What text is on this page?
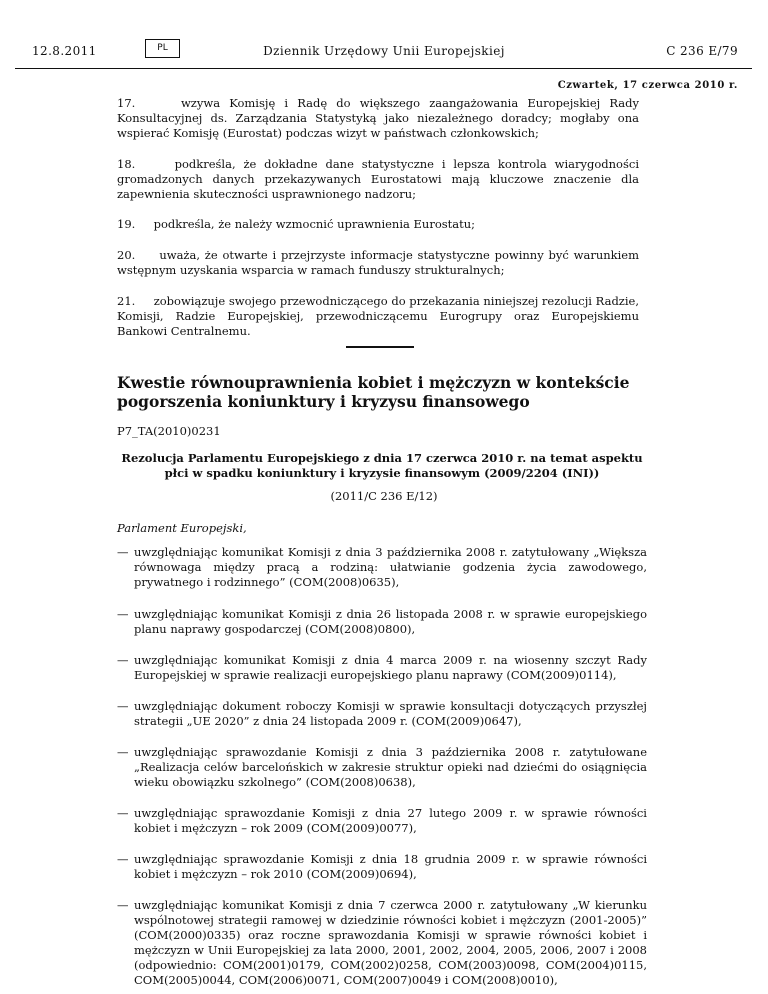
12.8.2011	PL	Dziennik Urzędowy Unii Europejskiej	C 236 E/79
Czwartek, 17 czerwca 2010 r.
17.	wzywa Komisję i Radę do większego zaangażowania Europejskiej Rady Konsultacyjnej ds. Zarządzania Statystyką jako niezależnego doradcy; mogłaby ona wspierać Komisję (Eurostat) podczas wizyt w państwach członkowskich;
18.	podkreśla, że dokładne dane statystyczne i lepsza kontrola wiarygodności gromadzonych danych przekazywanych Eurostatowi mają kluczowe znaczenie dla zapewnienia skuteczności usprawnionego nadzoru;
19. podkreśla, że należy wzmocnić uprawnienia Eurostatu;
20. uważa, że otwarte i przejrzyste informacje statystyczne powinny być warunkiem wstępnym uzyskania wsparcia w ramach funduszy strukturalnych;
21. zobowiązuje swojego przewodniczącego do przekazania niniejszej rezolucji Radzie, Komisji, Radzie Europejskiej, przewodniczącemu Eurogrupy oraz Europejskiemu Bankowi Centralnemu.
Kwestie równouprawnienia kobiet i mężczyzn w kontekście pogorszenia koniunktury i kryzysu finansowego
P7_TA(2010)0231
Rezolucja Parlamentu Europejskiego z dnia 17 czerwca 2010 r. na temat aspektu płci w spadku koniunktury i kryzysie finansowym (2009/2204 (INI))
(2011/C 236 E/12)
Parlament Europejski,
— uwzględniając komunikat Komisji z dnia 3 października 2008 r. zatytułowany „Większa równowaga między pracą a rodziną: ułatwianie godzenia życia zawodowego, prywatnego i rodzinnego” (COM(2008)0635),
— uwzględniając komunikat Komisji z dnia 26 listopada 2008 r. w sprawie europejskiego planu naprawy gospodarczej (COM(2008)0800),
— uwzględniając komunikat Komisji z dnia 4 marca 2009 r. na wiosenny szczyt Rady Europejskiej w sprawie realizacji europejskiego planu naprawy (COM(2009)0114),
— uwzględniając dokument roboczy Komisji w sprawie konsultacji dotyczących przyszłej strategii „UE 2020” z dnia 24 listopada 2009 r. (COM(2009)0647),
— uwzględniając sprawozdanie Komisji z dnia 3 października 2008 r. zatytułowane „Realizacja celów barcelońskich w zakresie struktur opieki nad dziećmi do osiągnięcia wieku obowiązku szkolnego” (COM(2008)0638),
— uwzględniając sprawozdanie Komisji z dnia 27 lutego 2009 r. w sprawie równości kobiet i mężczyzn – rok 2009 (COM(2009)0077),
— uwzględniając sprawozdanie Komisji z dnia 18 grudnia 2009 r. w sprawie równości kobiet i mężczyzn – rok 2010 (COM(2009)0694),
— uwzględniając komunikat Komisji z dnia 7 czerwca 2000 r. zatytułowany „W kierunku wspólnotowej strategii ramowej w dziedzinie równości kobiet i mężczyzn (2001-2005)” (COM(2000)0335) oraz roczne sprawozdania Komisji w sprawie równości kobiet i mężczyzn w Unii Europejskiej za lata 2000, 2001, 2002, 2004, 2005, 2006, 2007 i 2008 (odpowiednio: COM(2001)0179, COM(2002)0258, COM(2003)0098, COM(2004)0115, COM(2005)0044, COM(2006)0071, COM(2007)0049 i COM(2008)0010),
